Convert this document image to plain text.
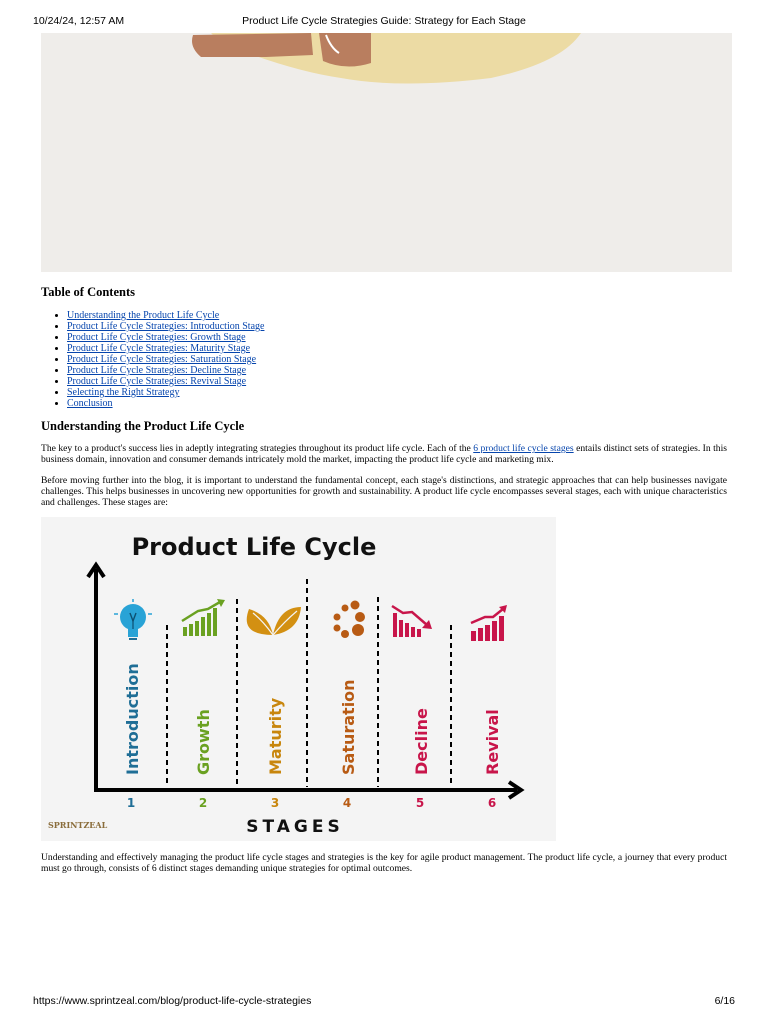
10/24/24, 12:57 AM	Product Life Cycle Strategies Guide: Strategy for Each Stage
Table of Contents
• Understanding the Product Life Cycle
• Product Life Cycle Strategies: Introduction Stage
• Product Life Cycle Strategies: Growth Stage
• Product Life Cycle Strategies: Maturity Stage
• Product Life Cycle Strategies: Saturation Stage
• Product Life Cycle Strategies: Decline Stage
• Product Life Cycle Strategies: Revival Stage
• Selecting the Right Strategy
• Conclusion
Understanding the Product Life Cycle

The key to a product's success lies in adeptly integrating strategies throughout its product life cycle. Each of the 6 product life cycle stages entails distinct sets of strategies. In this business domain, innovation and consumer demands intricately mold the market, impacting the product life cycle and marketing mix.

Before moving further into the blog, it is important to understand the fundamental concept, each stage's distinctions, and strategic approaches that can help businesses navigate challenges. This helps businesses in uncovering new opportunities for growth and sustainability. A product life cycle encompasses several stages, each with unique characteristics and challenges. These stages are:

Product Life Cycle
Introduction	Growth	Maturity	Saturation	Decline	Revival
1	2	3	4	5	6
STAGES
SPRINTZEAL

Understanding and effectively managing the product life cycle stages and strategies is the key for agile product management. The product life cycle, a journey that every product must go through, consists of 6 distinct stages demanding unique strategies for optimal outcomes.

https://www.sprintzeal.com/blog/product-life-cycle-strategies	6/16
